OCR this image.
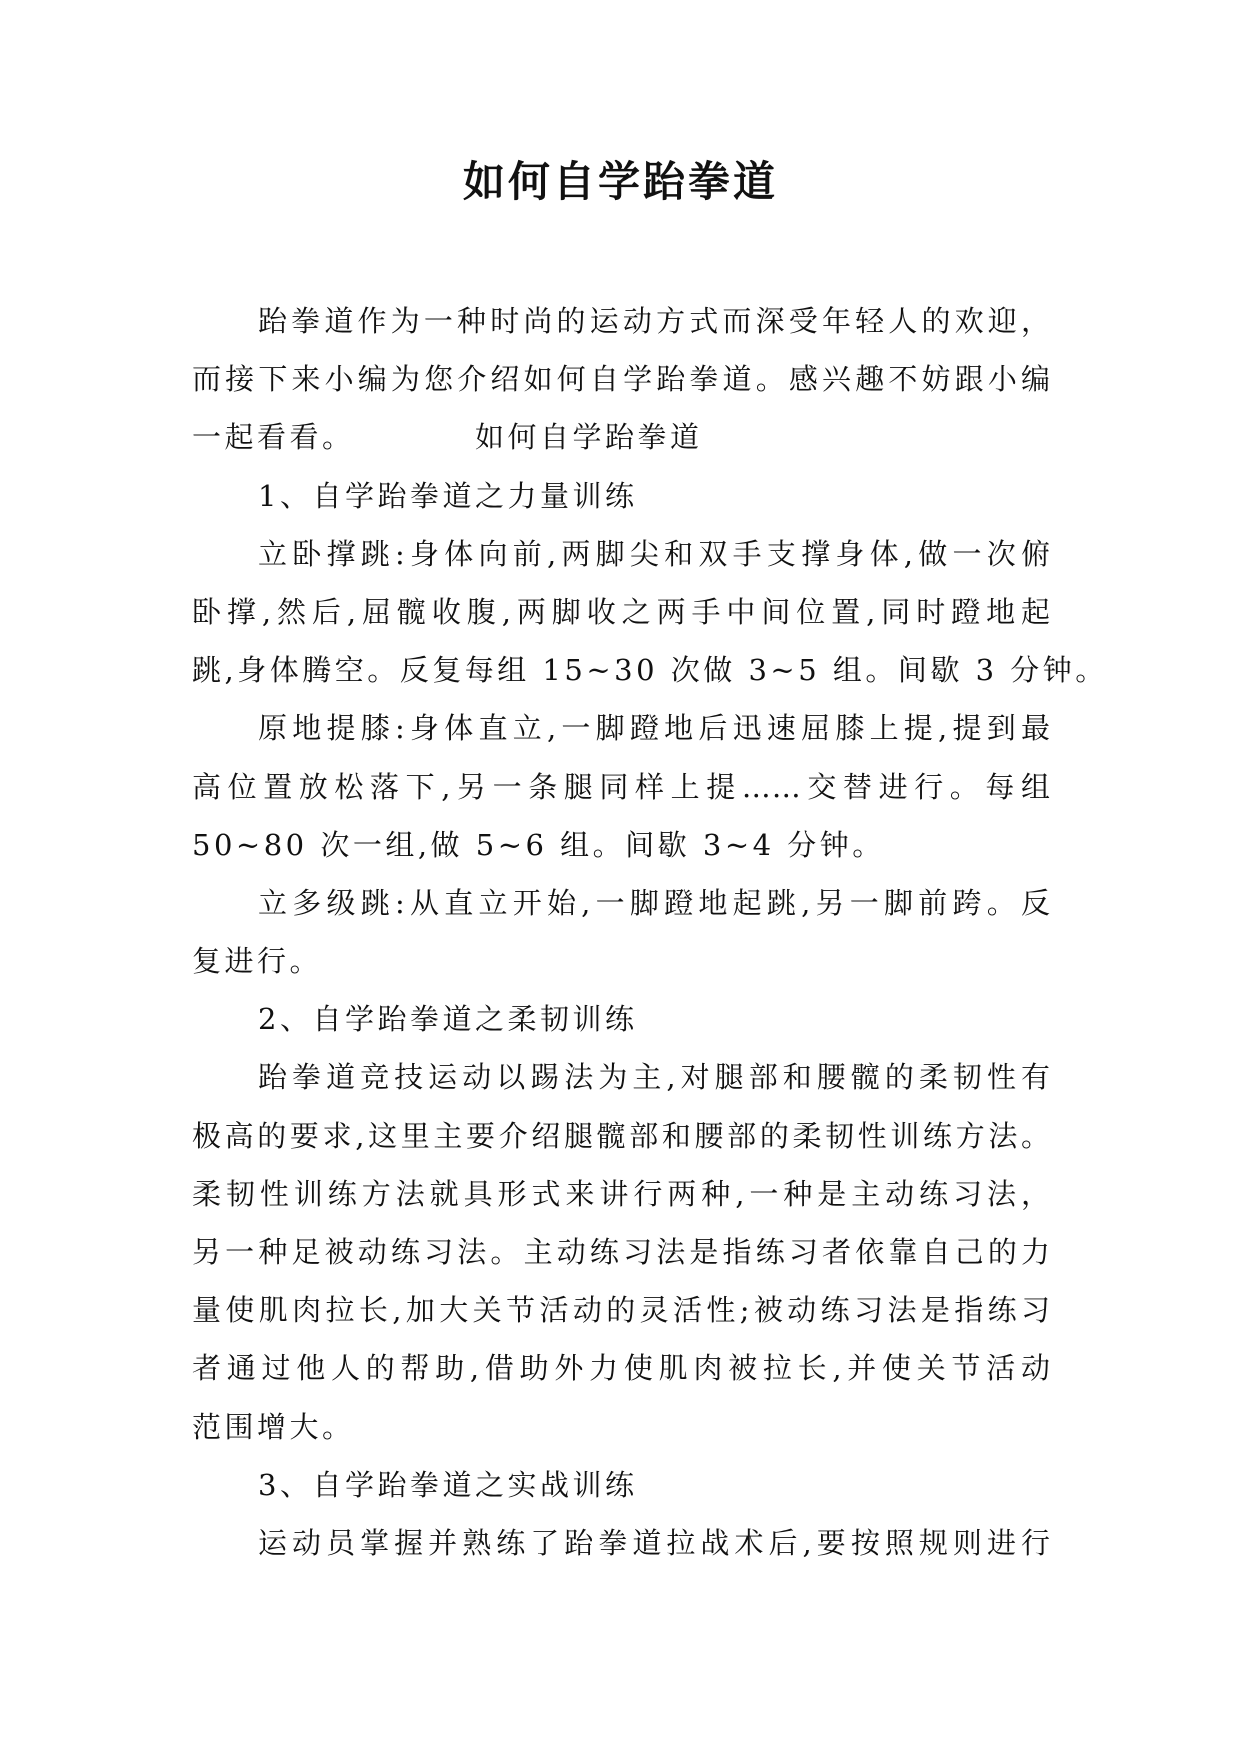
如何自学跆拳道
跆拳道作为一种时尚的运动方式而深受年轻人的欢迎，
而接下来小编为您介绍如何自学跆拳道。感兴趣不妨跟小编
一起看看。	如何自学跆拳道
1、自学跆拳道之力量训练
立卧撑跳:身体向前,两脚尖和双手支撑身体,做一次俯
卧撑,然后,屈髋收腹,两脚收之两手中间位置,同时蹬地起
跳,身体腾空。反复每组 15~30 次做 3~5 组。间歇 3 分钟。
原地提膝:身体直立,一脚蹬地后迅速屈膝上提,提到最
高位置放松落下,另一条腿同样上提……交替进行。每组
50~80 次一组,做 5~6 组。间歇 3~4 分钟。
立多级跳:从直立开始,一脚蹬地起跳,另一脚前跨。反
复进行。
2、自学跆拳道之柔韧训练
跆拳道竞技运动以踢法为主,对腿部和腰髋的柔韧性有
极高的要求,这里主要介绍腿髋部和腰部的柔韧性训练方法。
柔韧性训练方法就具形式来讲行两种,一种是主动练习法，
另一种足被动练习法。主动练习法是指练习者依靠自己的力
量使肌肉拉长,加大关节活动的灵活性;被动练习法是指练习
者通过他人的帮助,借助外力使肌肉被拉长,并使关节活动
范围增大。
3、自学跆拳道之实战训练
运动员掌握并熟练了跆拳道拉战术后,要按照规则进行
